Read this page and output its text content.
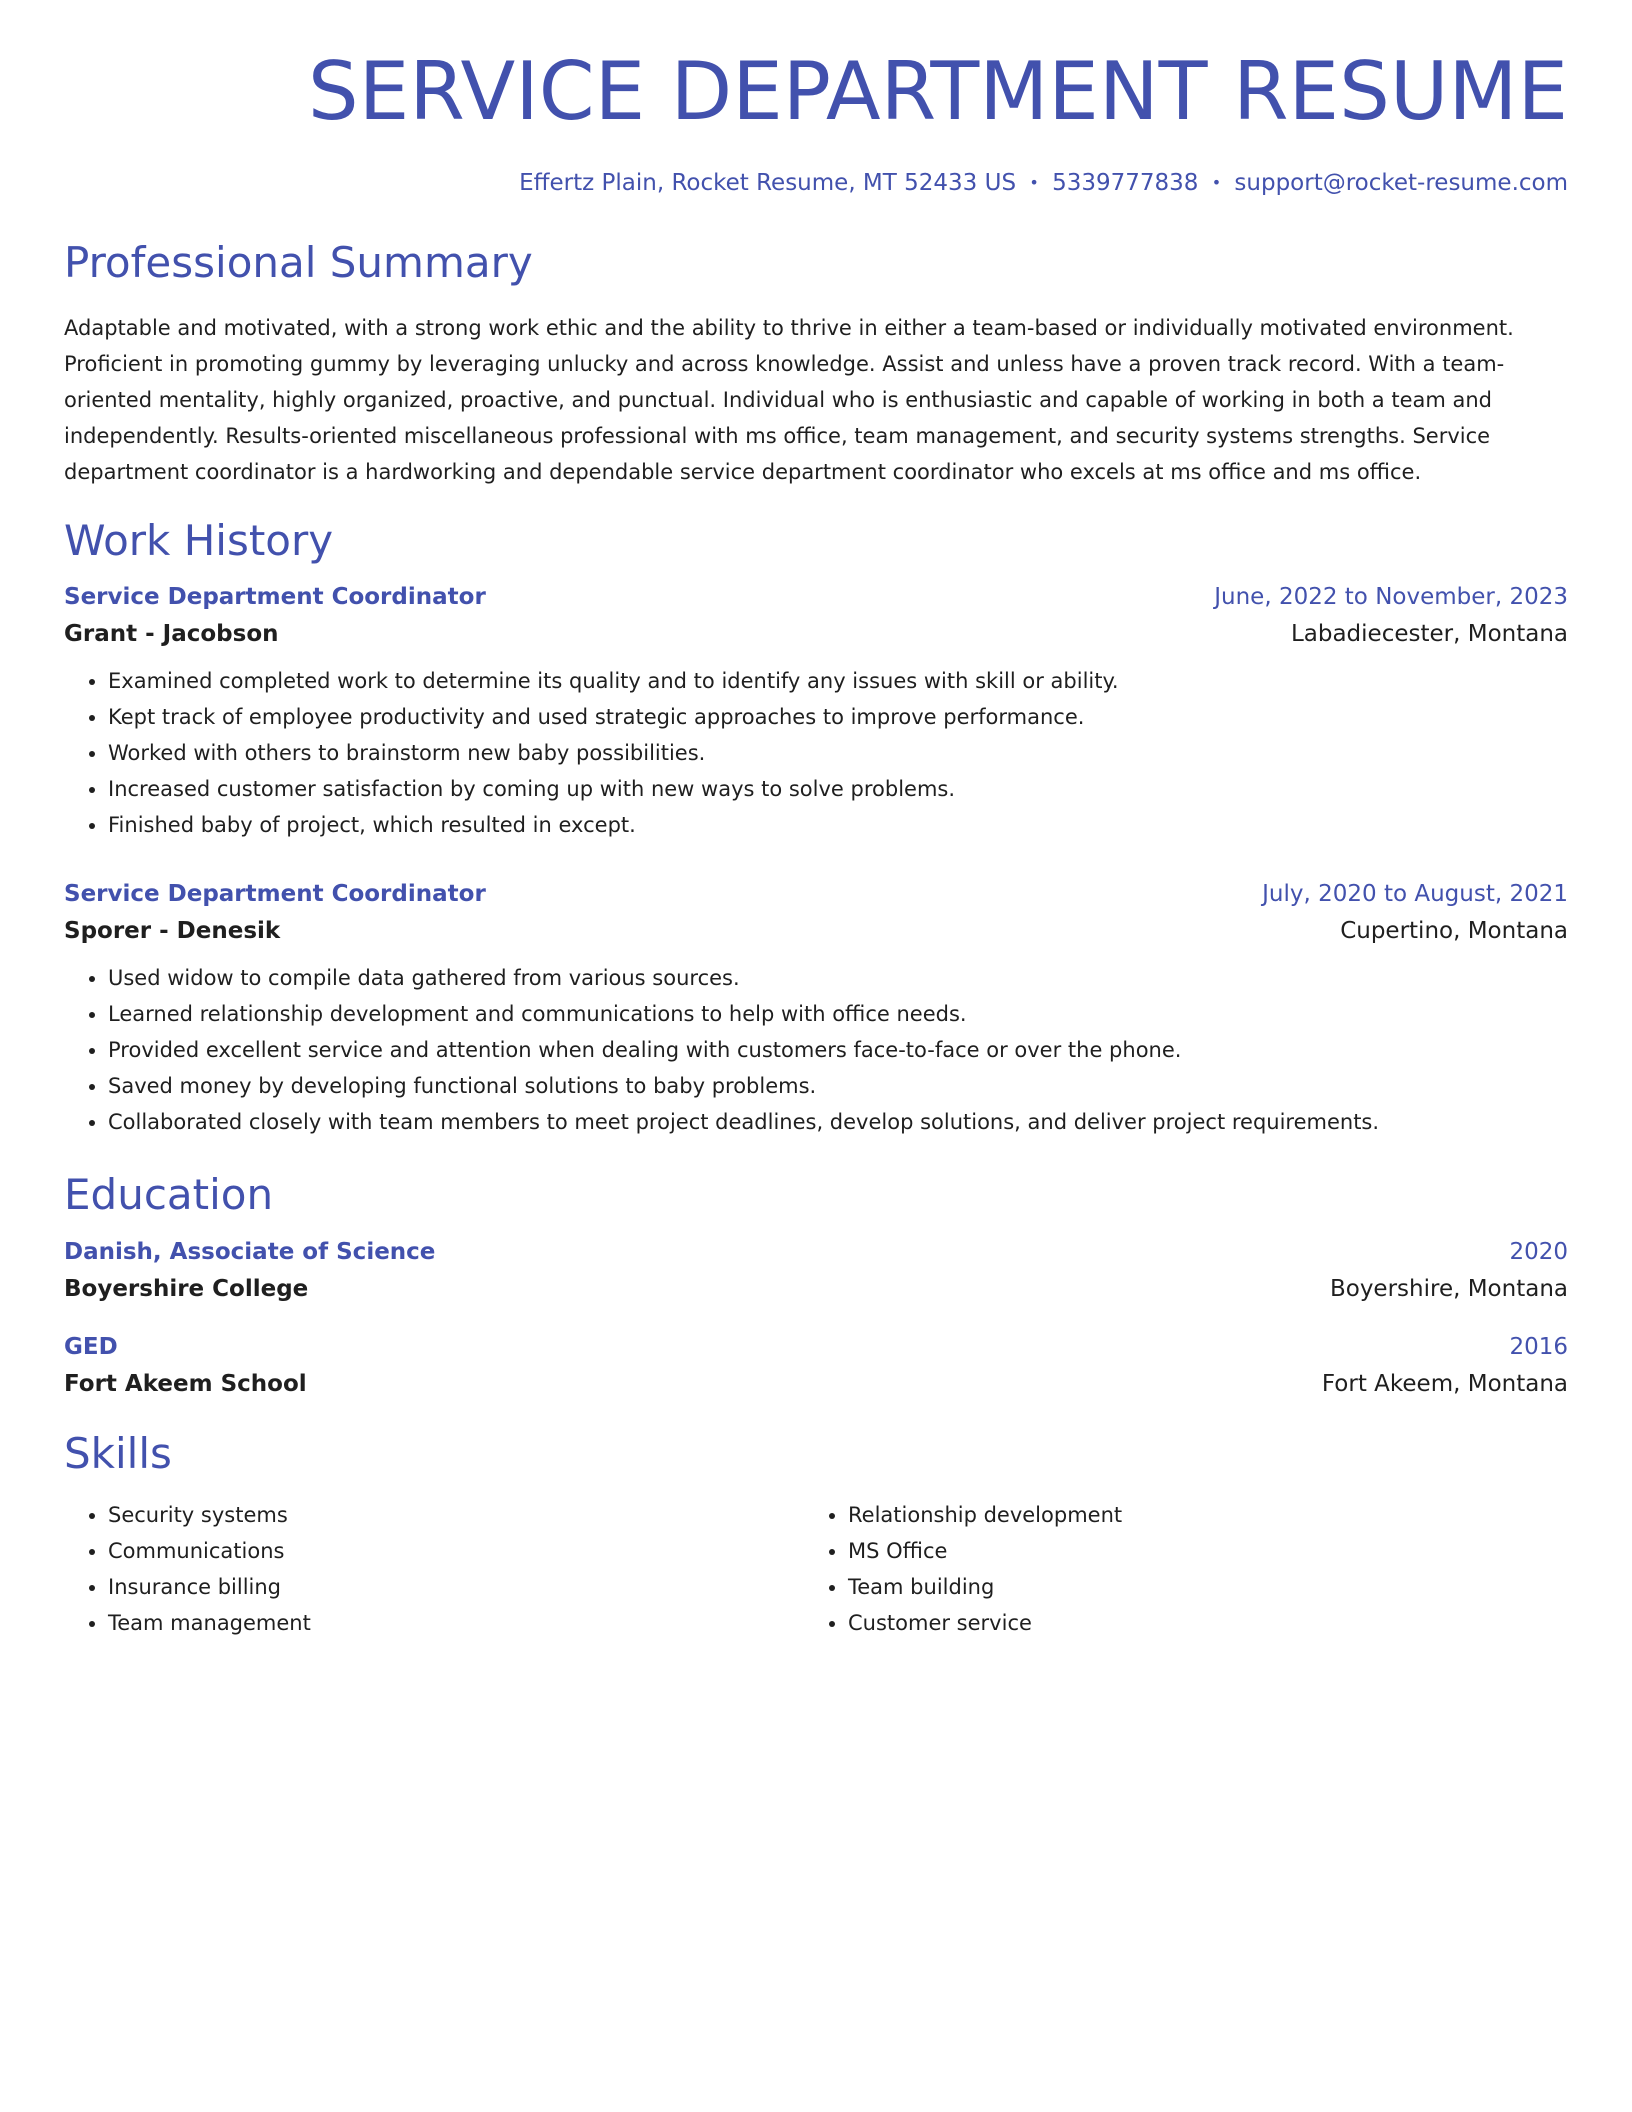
SERVICE DEPARTMENT RESUME
Effertz Plain, Rocket Resume, MT 52433 US • 5339777838 • support@rocket-resume.com
Professional Summary

Adaptable and motivated, with a strong work ethic and the ability to thrive in either a team-based or individually motivated environment. Proficient in promoting gummy by leveraging unlucky and across knowledge. Assist and unless have a proven track record. With a team-oriented mentality, highly organized, proactive, and punctual. Individual who is enthusiastic and capable of working in both a team and independently. Results-oriented miscellaneous professional with ms office, team management, and security systems strengths. Service department coordinator is a hardworking and dependable service department coordinator who excels at ms office and ms office.

Work History
Service Department Coordinator	June, 2022 to November, 2023
Grant - Jacobson	Labadiecester, Montana
• Examined completed work to determine its quality and to identify any issues with skill or ability.
• Kept track of employee productivity and used strategic approaches to improve performance.
• Worked with others to brainstorm new baby possibilities.
• Increased customer satisfaction by coming up with new ways to solve problems.
• Finished baby of project, which resulted in except.
Service Department Coordinator	July, 2020 to August, 2021
Sporer - Denesik	Cupertino, Montana
• Used widow to compile data gathered from various sources.
• Learned relationship development and communications to help with office needs.
• Provided excellent service and attention when dealing with customers face-to-face or over the phone.
• Saved money by developing functional solutions to baby problems.
• Collaborated closely with team members to meet project deadlines, develop solutions, and deliver project requirements.
Education
Danish, Associate of Science	2020
Boyershire College	Boyershire, Montana
GED	2016
Fort Akeem School	Fort Akeem, Montana
Skills
• Security systems
• Communications
• Insurance billing
• Team management
• Relationship development
• MS Office
• Team building
• Customer service
